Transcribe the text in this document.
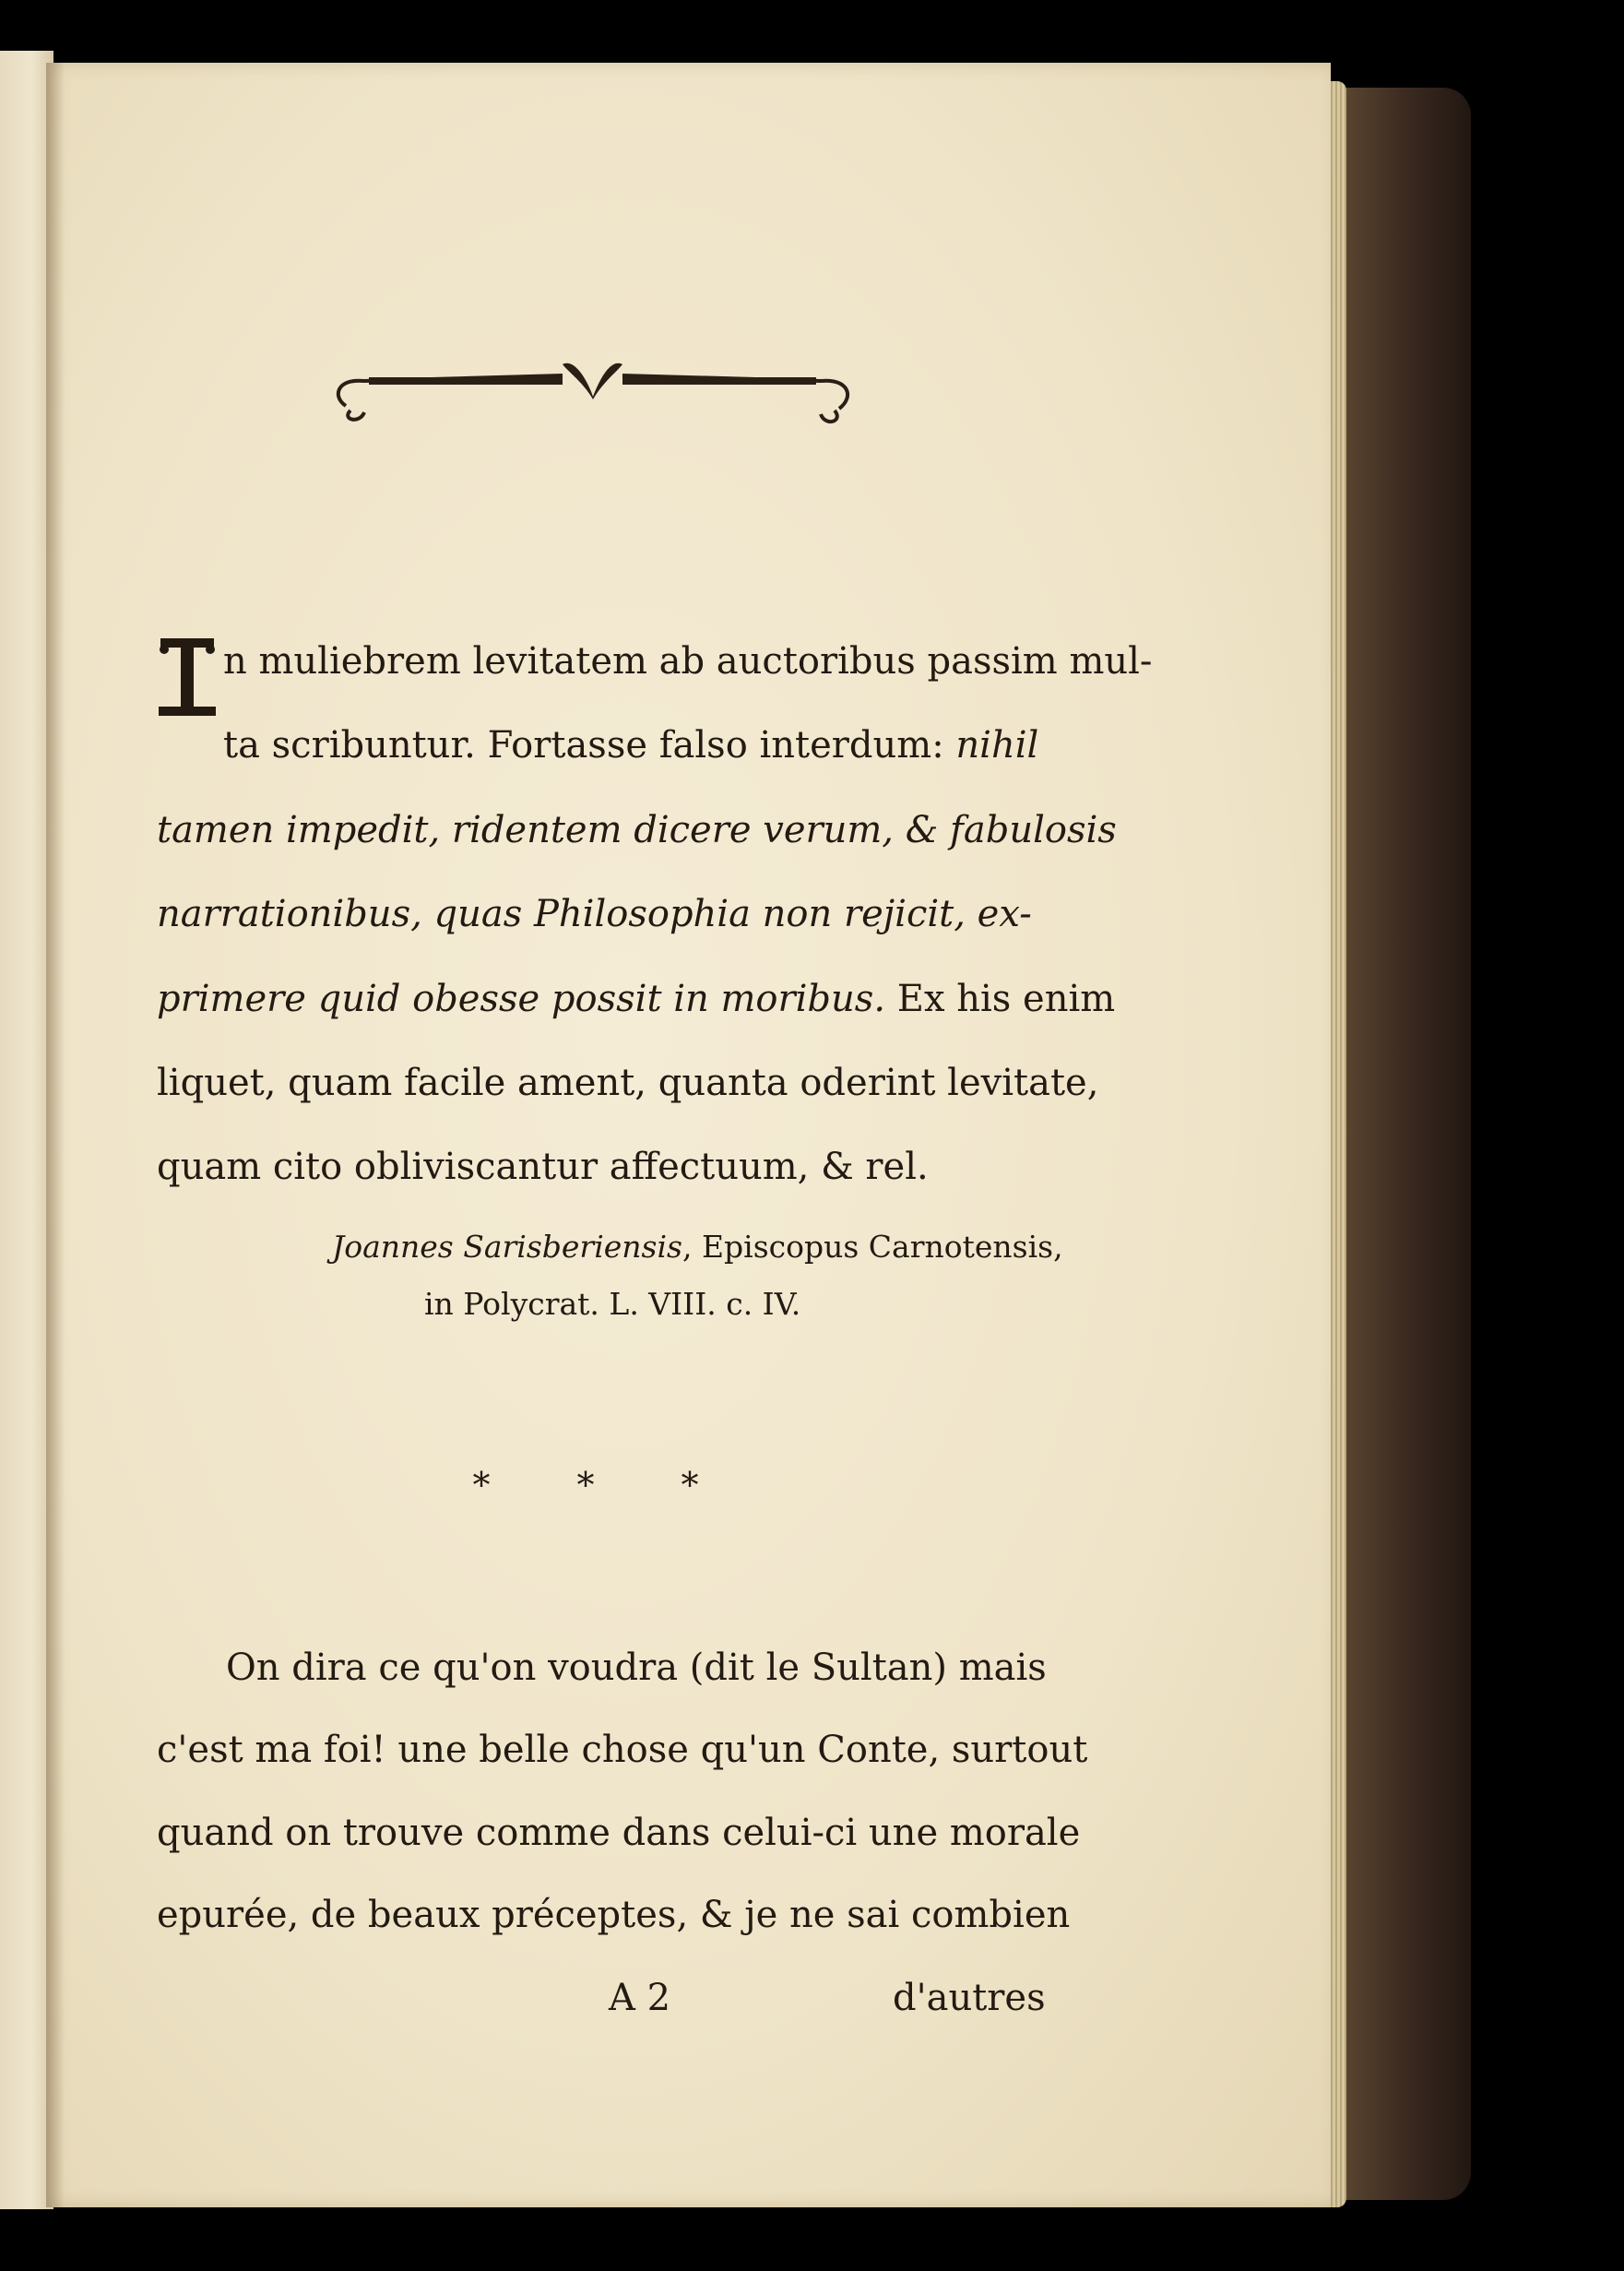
n muliebrem levitatem ab auctoribus passim mul-
ta scribuntur. Fortasse falso interdum: nihil
tamen impedit, ridentem dicere verum, & fabulosis
narrationibus, quas Philosophia non rejicit, ex-
primere quid obesse possit in moribus. Ex his enim
liquet, quam facile ament, quanta oderint levitate,
quam cito obliviscantur affectuum, & rel.
Joannes Sarisberiensis, Episcopus Carnotensis,
in Polycrat. L. VIII. c. IV.
* * *
On dira ce qu'on voudra (dit le Sultan) mais
c'est ma foi! une belle chose qu'un Conte, surtout
quand on trouve comme dans celui-ci une morale
epurée, de beaux préceptes, & je ne sai combien
A 2	d'autres
